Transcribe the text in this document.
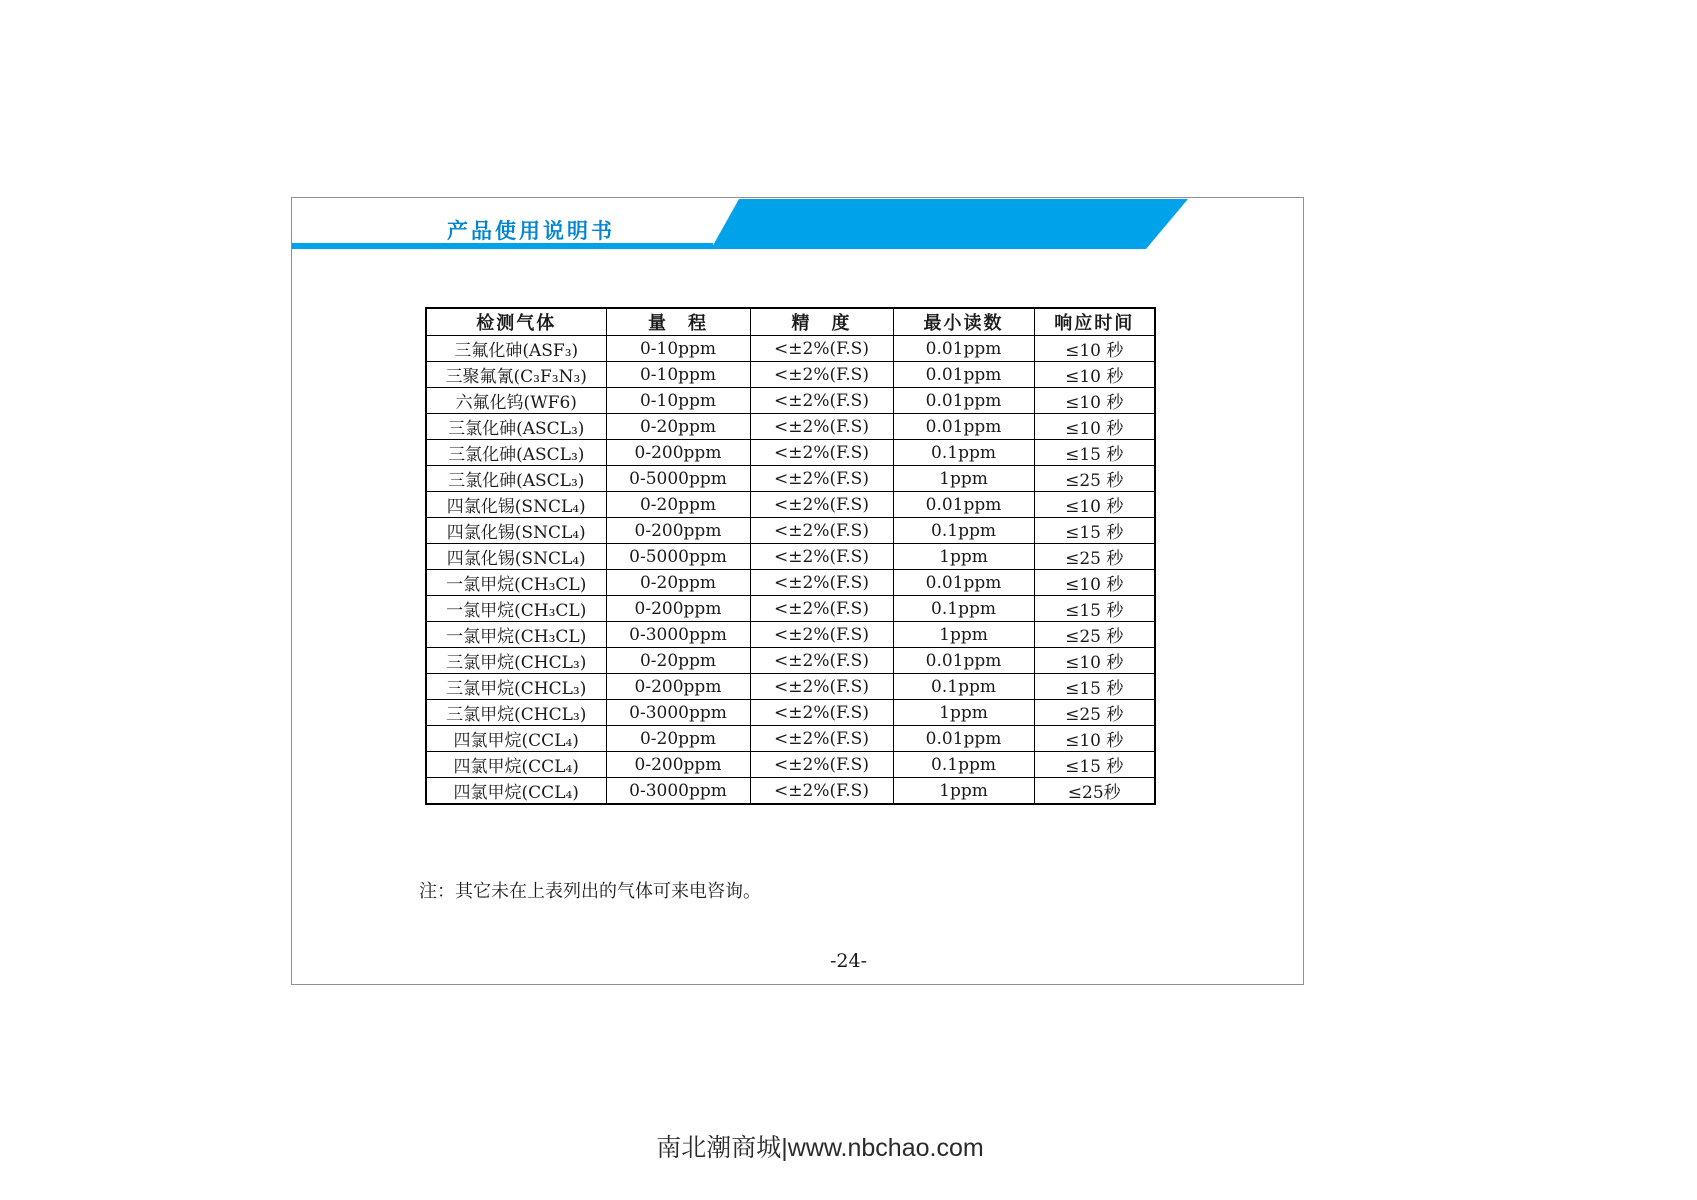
产品使用说明书
检测气体	量　程	精　度	最小读数	响应时间
三氟化砷(ASF₃)	0-10ppm	<±2%(F.S)	0.01ppm	≤10 秒
三聚氟氰(C₃F₃N₃)	0-10ppm	<±2%(F.S)	0.01ppm	≤10 秒
六氟化钨(WF6)	0-10ppm	<±2%(F.S)	0.01ppm	≤10 秒
三氯化砷(ASCL₃)	0-20ppm	<±2%(F.S)	0.01ppm	≤10 秒
三氯化砷(ASCL₃)	0-200ppm	<±2%(F.S)	0.1ppm	≤15 秒
三氯化砷(ASCL₃)	0-5000ppm	<±2%(F.S)	1ppm	≤25 秒
四氯化锡(SNCL₄)	0-20ppm	<±2%(F.S)	0.01ppm	≤10 秒
四氯化锡(SNCL₄)	0-200ppm	<±2%(F.S)	0.1ppm	≤15 秒
四氯化锡(SNCL₄)	0-5000ppm	<±2%(F.S)	1ppm	≤25 秒
一氯甲烷(CH₃CL)	0-20ppm	<±2%(F.S)	0.01ppm	≤10 秒
一氯甲烷(CH₃CL)	0-200ppm	<±2%(F.S)	0.1ppm	≤15 秒
一氯甲烷(CH₃CL)	0-3000ppm	<±2%(F.S)	1ppm	≤25 秒
三氯甲烷(CHCL₃)	0-20ppm	<±2%(F.S)	0.01ppm	≤10 秒
三氯甲烷(CHCL₃)	0-200ppm	<±2%(F.S)	0.1ppm	≤15 秒
三氯甲烷(CHCL₃)	0-3000ppm	<±2%(F.S)	1ppm	≤25 秒
四氯甲烷(CCL₄)	0-20ppm	<±2%(F.S)	0.01ppm	≤10 秒
四氯甲烷(CCL₄)	0-200ppm	<±2%(F.S)	0.1ppm	≤15 秒
四氯甲烷(CCL₄)	0-3000ppm	<±2%(F.S)	1ppm	≤25秒
注：其它未在上表列出的气体可来电咨询。
-24-
南北潮商城|www.nbchao.com
